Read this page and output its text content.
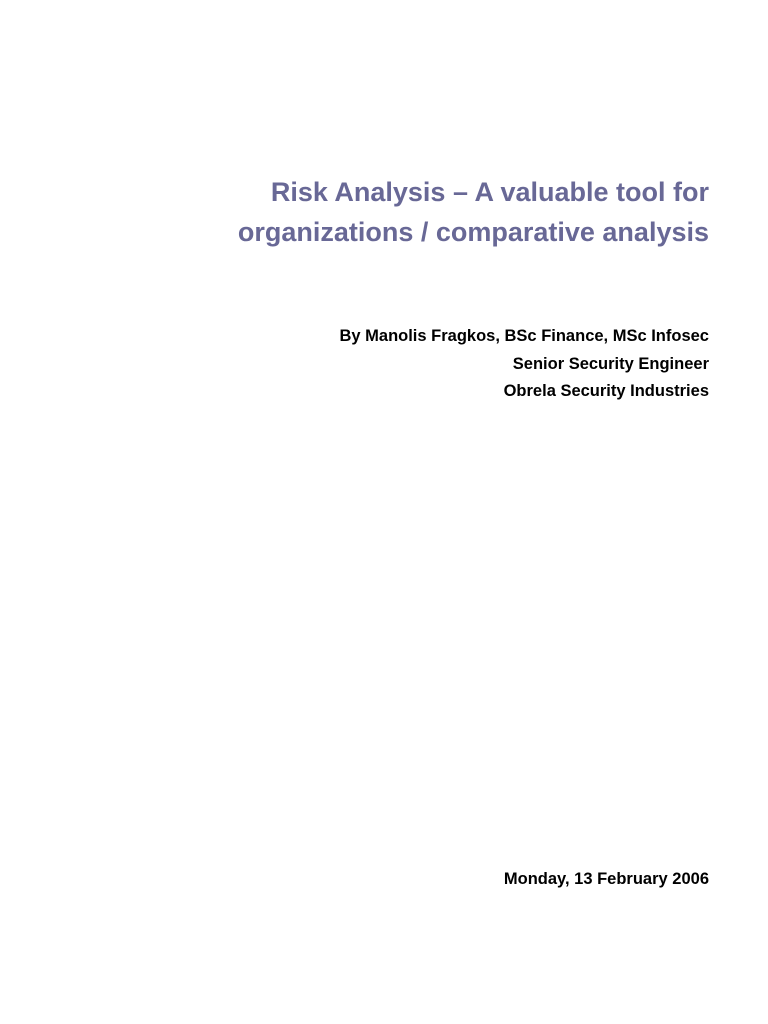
Risk Analysis – A valuable tool for
organizations / comparative analysis
By Manolis Fragkos, BSc Finance, MSc Infosec
Senior Security Engineer
Obrela Security Industries
Monday, 13 February 2006
